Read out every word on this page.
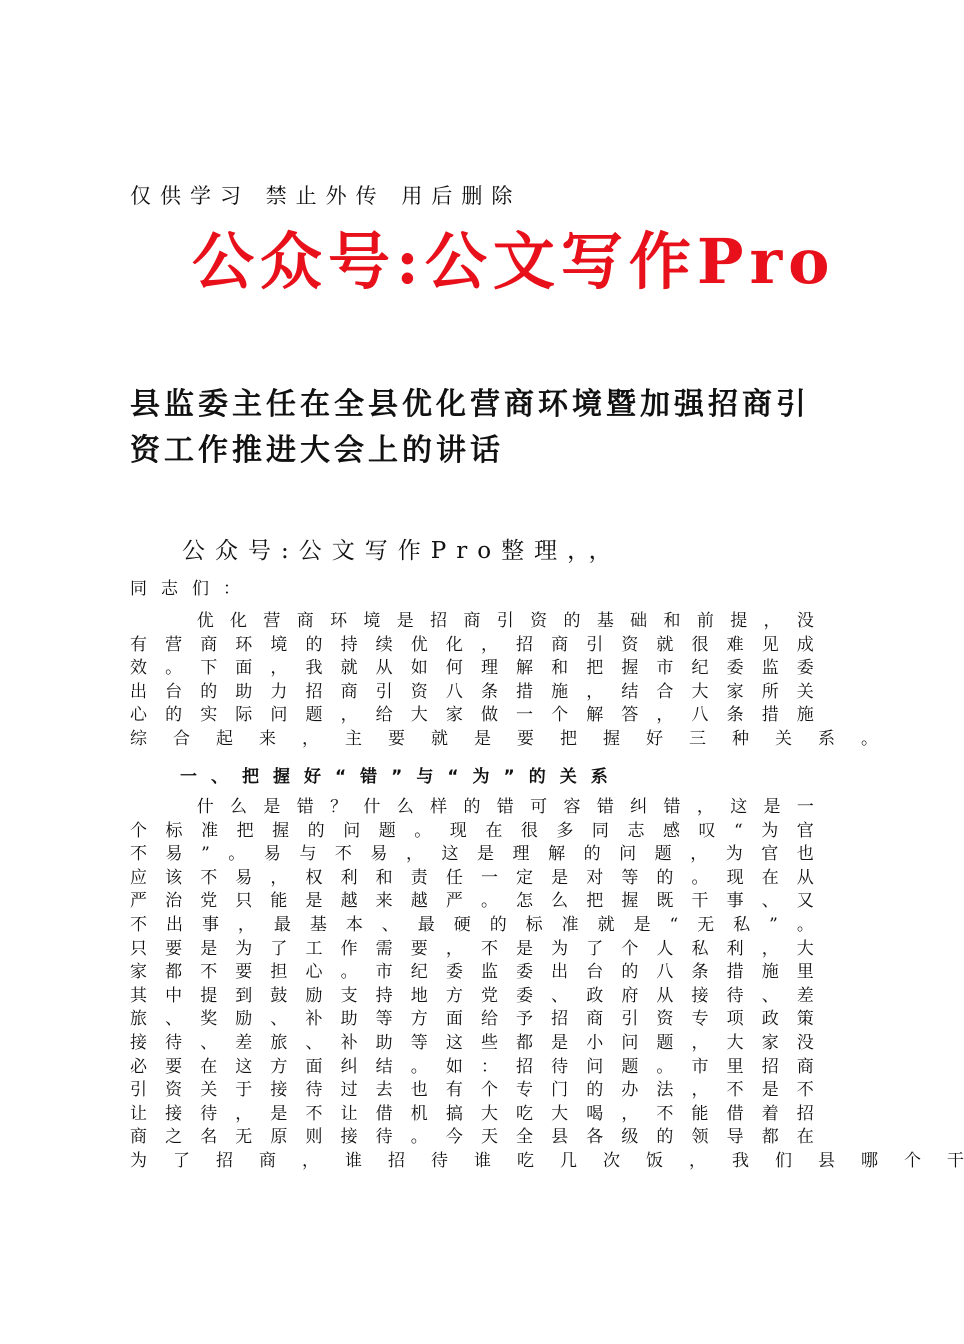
仅供学习 禁止外传 用后删除
公众号:公文写作Pro
县监委主任在全县优化营商环境暨加强招商引资工作推进大会上的讲话
公众号:公文写作Pro整理，，
同志们：

优 化 营 商 环 境 是 招 商 引 资 的 基 础 和 前 提 ， 没
有 营 商 环 境 的 持 续 优 化 ， 招 商 引 资 就 很 难 见 成
效 。 下 面 ， 我 就 从 如 何 理 解 和 把 握 市 纪 委 监 委
出 台 的 助 力 招 商 引 资 八 条 措 施 ， 结 合 大 家 所 关
心 的 实 际 问 题 ， 给 大 家 做 一 个 解 答 ， 八 条 措 施
综 合 起 来 ， 主 要 就 是 要 把 握 好 三 种 关 系 。
一、把握好“错”与“为”的关系

什 么 是 错 ？ 什 么 样 的 错 可 容 错 纠 错 ， 这 是 一
个 标 准 把 握 的 问 题 。 现 在 很 多 同 志 感 叹 “ 为 官
不 易 ” 。 易 与 不 易 ， 这 是 理 解 的 问 题 ， 为 官 也
应 该 不 易 ， 权 利 和 责 任 一 定 是 对 等 的 。 现 在 从
严 治 党 只 能 是 越 来 越 严 。 怎 么 把 握 既 干 事 、 又
不 出 事 ， 最 基 本 、 最 硬 的 标 准 就 是 “ 无 私 ” 。
只 要 是 为 了 工 作 需 要 ， 不 是 为 了 个 人 私 利 ， 大
家 都 不 要 担 心 。 市 纪 委 监 委 出 台 的 八 条 措 施 里
其 中 提 到 鼓 励 支 持 地 方 党 委 、 政 府 从 接 待 、 差
旅 、 奖 励 、 补 助 等 方 面 给 予 招 商 引 资 专 项 政 策
接 待 、 差 旅 、 补 助 等 这 些 都 是 小 问 题 ， 大 家 没
必 要 在 这 方 面 纠 结 。 如 ： 招 待 问 题 。 市 里 招 商
引 资 关 于 接 待 过 去 也 有 个 专 门 的 办 法 ， 不 是 不
让 接 待 ， 是 不 让 借 机 搞 大 吃 大 喝 ， 不 能 借 着 招
商 之 名 无 原 则 接 待 。 今 天 全 县 各 级 的 领 导 都 在
为 了 招 商 ， 谁 招 待 谁 吃 几 次 饭 ， 我 们 县 哪 个 干
